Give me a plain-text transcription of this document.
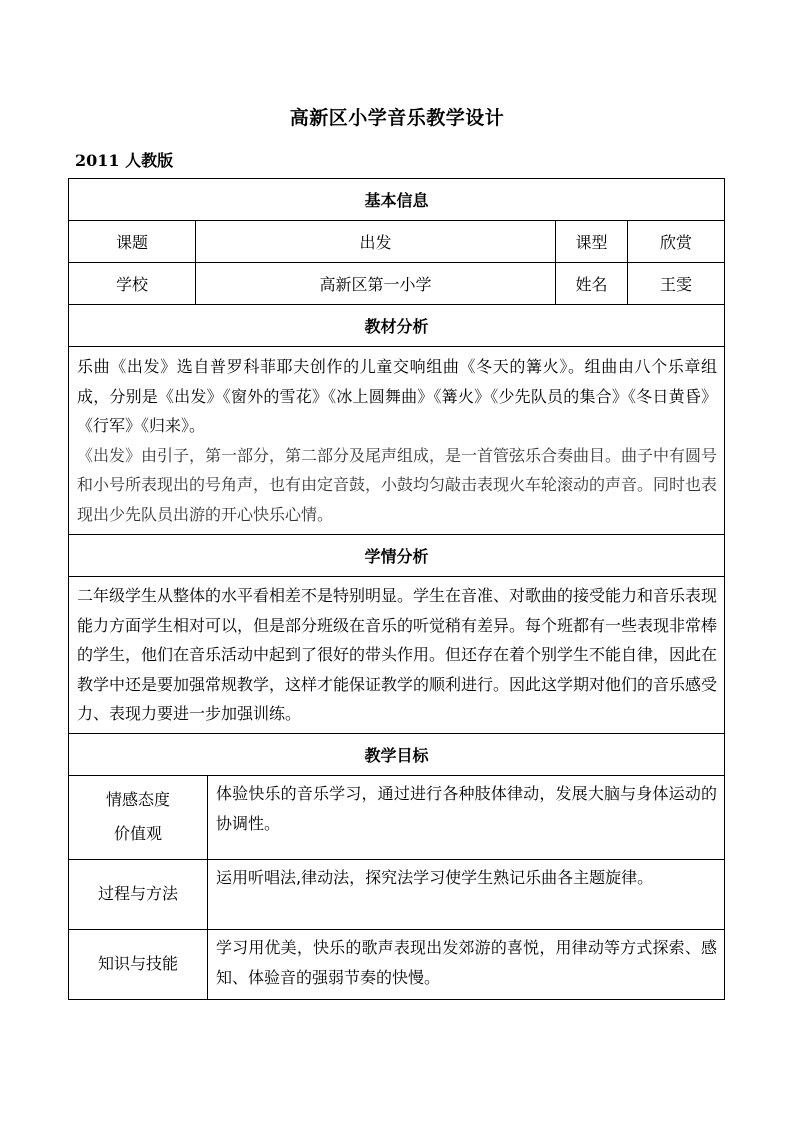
高新区小学音乐教学设计
2011 人教版
基本信息				
课题	出发		课型	欣赏
学校	高新区第一小学		姓名	王雯
教材分析				

乐曲《出发》选自普罗科菲耶夫创作的儿童交响组曲《冬天的篝火》。组曲由八个乐章组成，分别是《出发》《窗外的雪花》《冰上圆舞曲》《篝火》《少先队员的集合》《冬日黄昏》《行军》《归来》。

《出发》由引子，第一部分，第二部分及尾声组成，是一首管弦乐合奏曲目。曲子中有圆号和小号所表现出的号角声，也有由定音鼓，小鼓均匀敲击表现火车轮滚动的声音。同时也表现出少先队员出游的开心快乐心情。				

学情分析				

二年级学生从整体的水平看相差不是特别明显。学生在音准、对歌曲的接受能力和音乐表现能力方面学生相对可以，但是部分班级在音乐的听觉稍有差异。每个班都有一些表现非常棒的学生，他们在音乐活动中起到了很好的带头作用。但还存在着个别学生不能自律，因此在教学中还是要加强常规教学，这样才能保证教学的顺利进行。因此这学期对他们的音乐感受力、表现力要进一步加强训练。				

教学目标				

情感态度
价值观		体验快乐的音乐学习，通过进行各种肢体律动，发展大脑与身体运动的协调性。		
过程与方法		运用听唱法,律动法，探究法学习使学生熟记乐曲各主题旋律。		
知识与技能		学习用优美，快乐的歌声表现出发郊游的喜悦，用律动等方式探索、感知、体验音的强弱节奏的快慢。		
